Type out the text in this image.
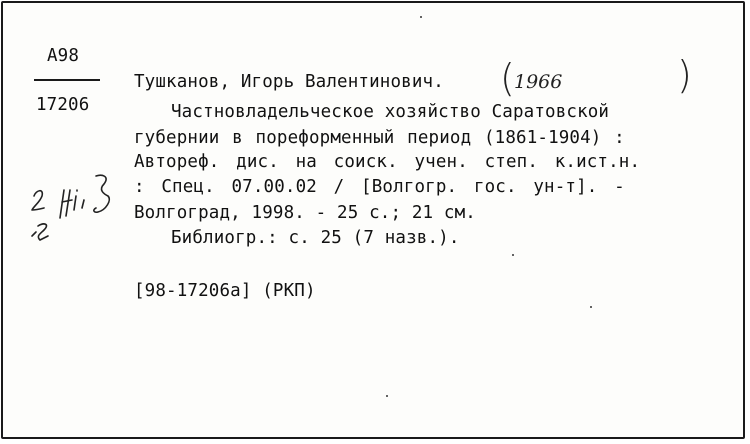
А98
17206
Тушканов, Игорь Валентинович. ( 1966	)
Частновладельческое хозяйство Саратовской
губернии в пореформенный период (1861-1904) :
Автореф. дис. на соиск. учен. степ. к.ист.н.
: Спец. 07.00.02 / [Волгогр. гос. ун-т]. -
Волгоград, 1998. - 25 с.; 21 см.
Библиогр.: с. 25 (7 назв.).
[98-17206а] (РКП)
